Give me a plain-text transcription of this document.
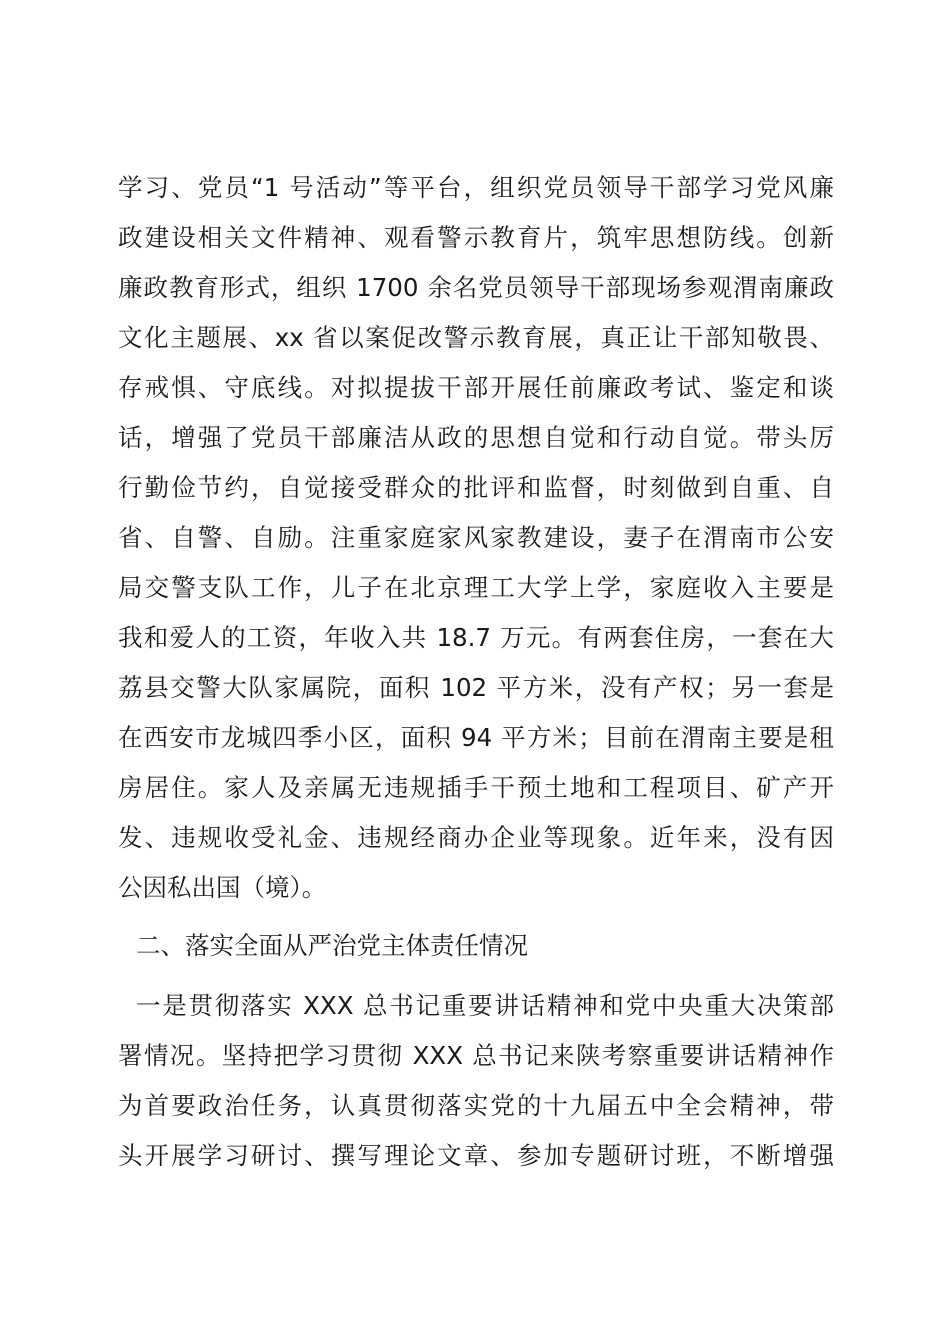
学习、党员“1 号活动”等平台，组织党员领导干部学习党风廉
政建设相关文件精神、观看警示教育片，筑牢思想防线。创新
廉政教育形式，组织 1700 余名党员领导干部现场参观渭南廉政
文化主题展、xx 省以案促改警示教育展，真正让干部知敬畏、
存戒惧、守底线。对拟提拔干部开展任前廉政考试、鉴定和谈
话，增强了党员干部廉洁从政的思想自觉和行动自觉。带头厉
行勤俭节约，自觉接受群众的批评和监督，时刻做到自重、自
省、自警、自励。注重家庭家风家教建设，妻子在渭南市公安
局交警支队工作，儿子在北京理工大学上学，家庭收入主要是
我和爱人的工资，年收入共 18.7 万元。有两套住房，一套在大
荔县交警大队家属院，面积 102 平方米，没有产权；另一套是
在西安市龙城四季小区，面积 94 平方米；目前在渭南主要是租
房居住。家人及亲属无违规插手干预土地和工程项目、矿产开
发、违规收受礼金、违规经商办企业等现象。近年来，没有因
公因私出国（境）。
二、落实全面从严治党主体责任情况
一是贯彻落实 XXX 总书记重要讲话精神和党中央重大决策部
署情况。坚持把学习贯彻 XXX 总书记来陕考察重要讲话精神作
为首要政治任务，认真贯彻落实党的十九届五中全会精神，带
头开展学习研讨、撰写理论文章、参加专题研讨班，不断增强
